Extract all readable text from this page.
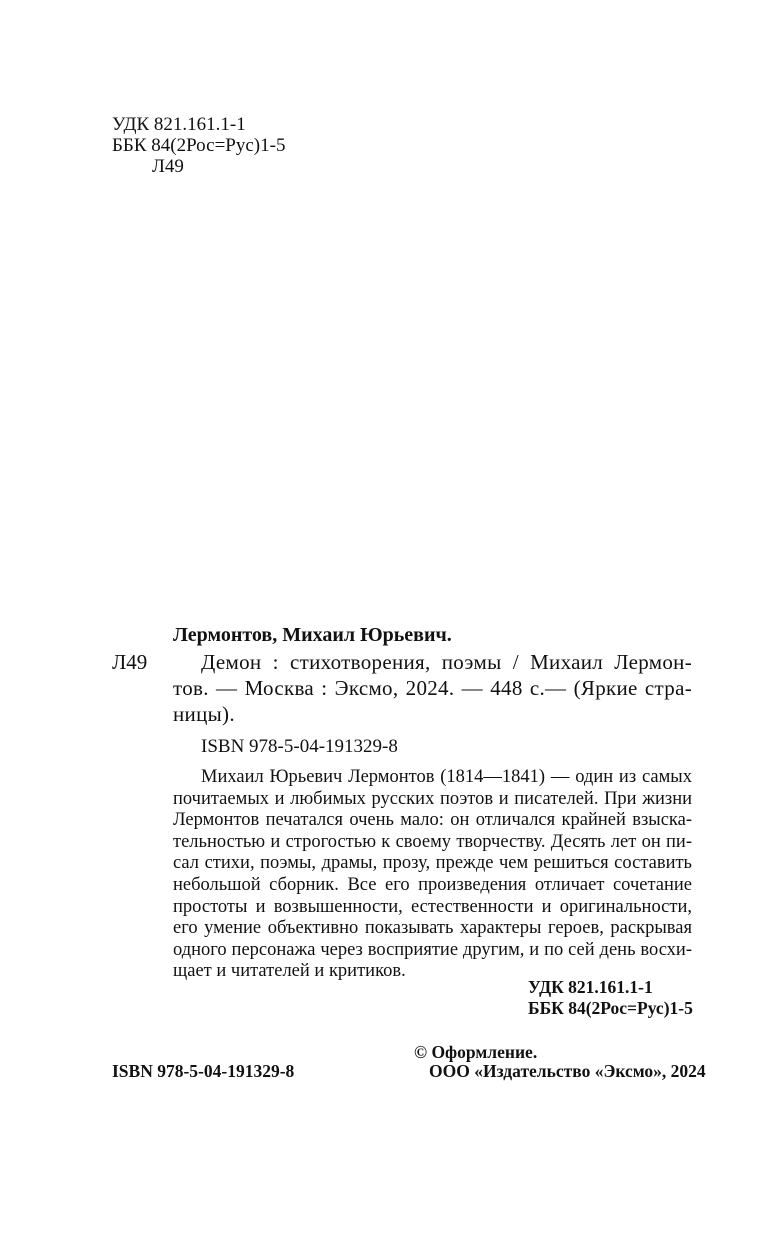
УДК 821.161.1-1
ББК 84(2Рос=Рус)1-5
Л49
Лермонтов, Михаил Юрьевич.
Л49	Демон : стихотворения, поэмы / Михаил Лермон-
тов. — Москва : Эксмо, 2024. — 448 с.— (Яркие стра-
ницы).
ISBN 978-5-04-191329-8
Михаил Юрьевич Лермонтов (1814—1841) — один из самых
почитаемых и любимых русских поэтов и писателей. При жизни
Лермонтов печатался очень мало: он отличался крайней взыска-
тельностью и строгостью к своему творчеству. Десять лет он пи-
сал стихи, поэмы, драмы, прозу, прежде чем решиться составить
небольшой сборник. Все его произведения отличает сочетание
простоты и возвышенности, естественности и оригинальности,
его умение объективно показывать характеры героев, раскрывая
одного персонажа через восприятие другим, и по сей день восхи-
щает и читателей и критиков.
УДК 821.161.1-1
ББК 84(2Рос=Рус)1-5
© Оформление.
ISBN 978-5-04-191329-8	ООО «Издательство «Эксмо», 2024
